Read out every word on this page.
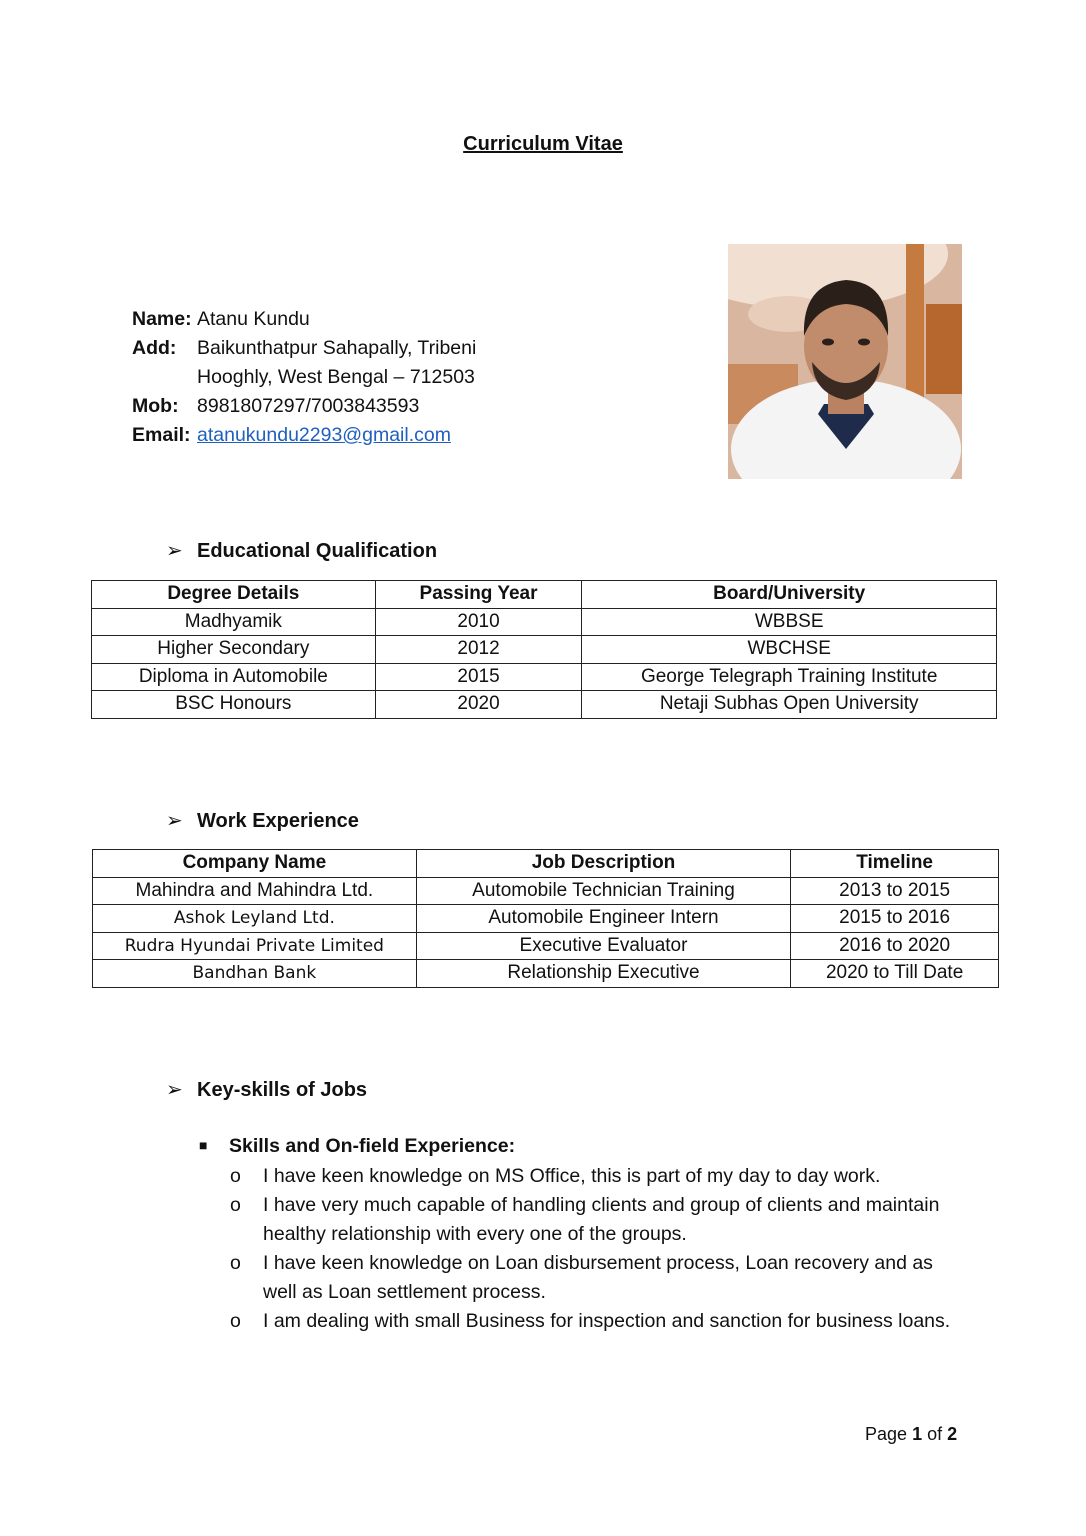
Curriculum Vitae
Name: Atanu Kundu
Add: Baikunthatpur Sahapally, Tribeni
Hooghly, West Bengal – 712503
Mob: 8981807297/7003843593
Email: atanukundu2293@gmail.com
➢ Educational Qualification
Degree Details	Passing Year	Board/University
Madhyamik	2010	WBBSE
Higher Secondary	2012	WBCHSE
Diploma in Automobile	2015	George Telegraph Training Institute
BSC Honours	2020	Netaji Subhas Open University
➢ Work Experience
Company Name	Job Description	Timeline
Mahindra and Mahindra Ltd.	Automobile Technician Training	2013 to 2015
Ashok Leyland Ltd.	Automobile Engineer Intern	2015 to 2016
Rudra Hyundai Private Limited	Executive Evaluator	2016 to 2020
Bandhan Bank	Relationship Executive	2020 to Till Date
➢ Key-skills of Jobs
■ Skills and On-field Experience:
o I have keen knowledge on MS Office, this is part of my day to day work.
o I have very much capable of handling clients and group of clients and maintain healthy relationship with every one of the groups.
o I have keen knowledge on Loan disbursement process, Loan recovery and as well as Loan settlement process.
o I am dealing with small Business for inspection and sanction for business loans.
Page 1 of 2
